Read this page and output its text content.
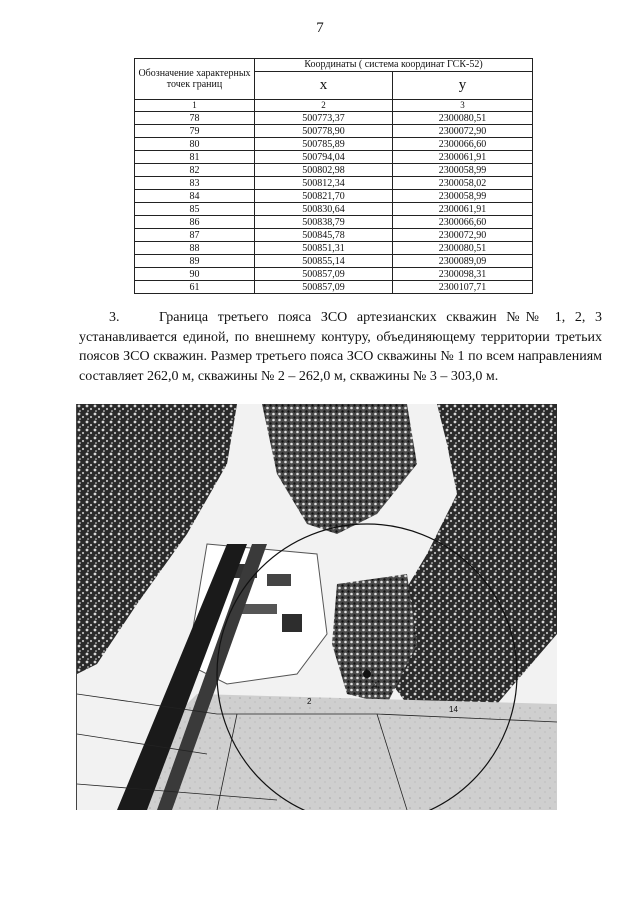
7
Обозначение характерных точек границ	Координаты ( система координат ГСК-52)	
	x	y
1	2	3
78	500773,37	2300080,51
79	500778,90	2300072,90
80	500785,89	2300066,60
81	500794,04	2300061,91
82	500802,98	2300058,99
83	500812,34	2300058,02
84	500821,70	2300058,99
85	500830,64	2300061,91
86	500838,79	2300066,60
87	500845,78	2300072,90
88	500851,31	2300080,51
89	500855,14	2300089,09
90	500857,09	2300098,31
61	500857,09	2300107,71
3.	Граница третьего пояса ЗСО артезианских скважин №№ 1, 2, 3 устанавливается единой, по внешнему контуру, объединяющему территории третьих поясов ЗСО скважин. Размер третьего пояса ЗСО скважины № 1 по всем направлениям составляет 262,0 м, скважины № 2 – 262,0 м, скважины № 3 – 303,0 м.
14
4
2
